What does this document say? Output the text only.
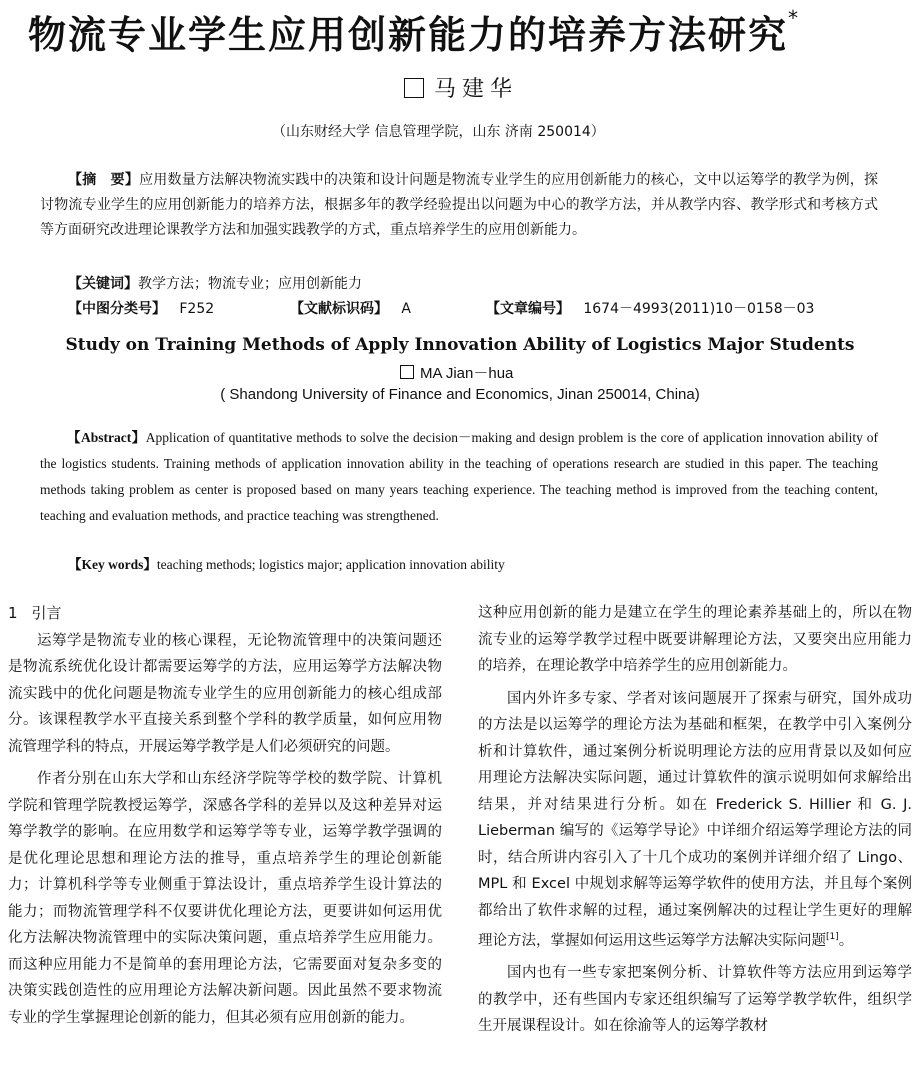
物流专业学生应用创新能力的培养方法研究*
马建华
（山东财经大学 信息管理学院，山东 济南 250014）

【摘　要】应用数量方法解决物流实践中的决策和设计问题是物流专业学生的应用创新能力的核心，文中以运筹学的教学为例，探讨物流专业学生的应用创新能力的培养方法，根据多年的教学经验提出以问题为中心的教学方法，并从教学内容、教学形式和考核方式等方面研究改进理论课教学方法和加强实践教学的方式，重点培养学生的应用创新能力。

【关键词】教学方法；物流专业；应用创新能力
【中图分类号】 F252	【文献标识码】 A	【文章编号】 1674－4993(2011)10－0158－03
Study on Training Methods of Apply Innovation Ability of Logistics Major Students
MA Jian－hua
( Shandong University of Finance and Economics, Jinan 250014, China)

【Abstract】Application of quantitative methods to solve the decision－making and design problem is the core of application innovation ability of the logistics students. Training methods of application innovation ability in the teaching of operations research are studied in this paper. The teaching methods taking problem as center is proposed based on many years teaching experience. The teaching method is improved from the teaching content, teaching and evaluation methods, and practice teaching was strengthened.

【Key words】teaching methods; logistics major; application innovation ability
1 引言

运筹学是物流专业的核心课程，无论物流管理中的决策问题还是物流系统优化设计都需要运筹学的方法，应用运筹学方法解决物流实践中的优化问题是物流专业学生的应用创新能力的核心组成部分。该课程教学水平直接关系到整个学科的教学质量，如何应用物流管理学科的特点，开展运筹学教学是人们必须研究的问题。

作者分别在山东大学和山东经济学院等学校的数学院、计算机学院和管理学院教授运筹学，深感各学科的差异以及这种差异对运筹学教学的影响。在应用数学和运筹学等专业，运筹学教学强调的是优化理论思想和理论方法的推导，重点培养学生的理论创新能力；计算机科学等专业侧重于算法设计，重点培养学生设计算法的能力；而物流管理学科不仅要讲优化理论方法，更要讲如何运用优化方法解决物流管理中的实际决策问题，重点培养学生应用能力。而这种应用能力不是简单的套用理论方法，它需要面对复杂多变的决策实践创造性的应用理论方法解决新问题。因此虽然不要求物流专业的学生掌握理论创新的能力，但其必须有应用创新的能力。

这种应用创新的能力是建立在学生的理论素养基础上的，所以在物流专业的运筹学教学过程中既要讲解理论方法，又要突出应用能力的培养，在理论教学中培养学生的应用创新能力。

国内外许多专家、学者对该问题展开了探索与研究，国外成功的方法是以运筹学的理论方法为基础和框架，在教学中引入案例分析和计算软件，通过案例分析说明理论方法的应用背景以及如何应用理论方法解决实际问题，通过计算软件的演示说明如何求解给出结果，并对结果进行分析。如在 Frederick S. Hillier 和 G. J. Lieberman 编写的《运筹学导论》中详细介绍运筹学理论方法的同时，结合所讲内容引入了十几个成功的案例并详细介绍了 Lingo、MPL 和 Excel 中规划求解等运筹学软件的使用方法，并且每个案例都给出了软件求解的过程，通过案例解决的过程让学生更好的理解理论方法，掌握如何运用这些运筹学方法解决实际问题[1]。

国内也有一些专家把案例分析、计算软件等方法应用到运筹学的教学中，还有些国内专家还组织编写了运筹学教学软件，组织学生开展课程设计。如在徐渝等人的运筹学教材
